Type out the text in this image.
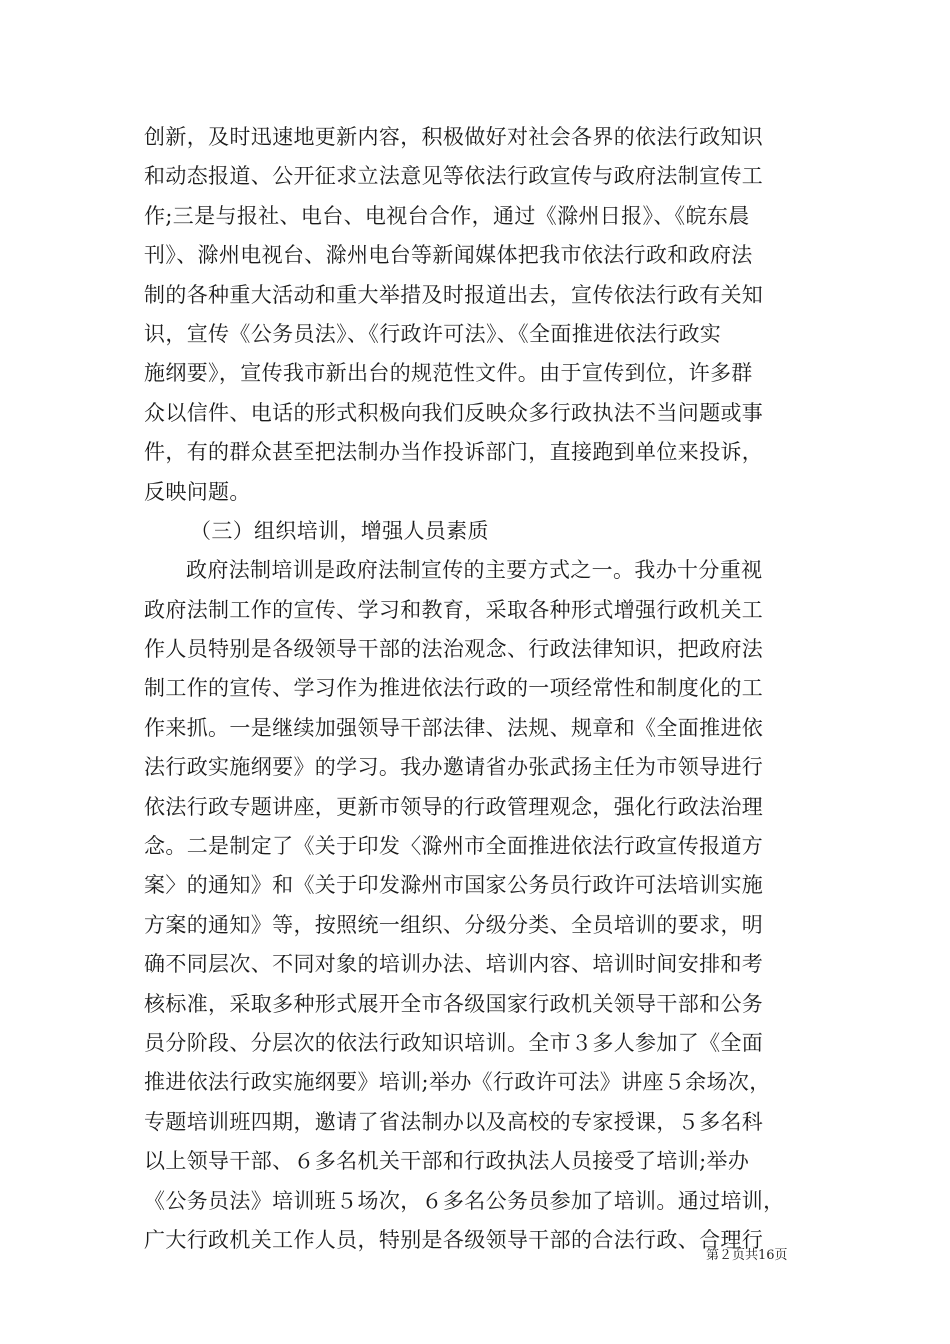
创新，及时迅速地更新内容，积极做好对社会各界的依法行政知识
和动态报道、公开征求立法意见等依法行政宣传与政府法制宣传工
作;三是与报社、电台、电视台合作，通过《滁州日报》、《皖东晨
刊》、滁州电视台、滁州电台等新闻媒体把我市依法行政和政府法
制的各种重大活动和重大举措及时报道出去，宣传依法行政有关知
识，宣传《公务员法》、《行政许可法》、《全面推进依法行政实
施纲要》，宣传我市新出台的规范性文件。由于宣传到位，许多群
众以信件、电话的形式积极向我们反映众多行政执法不当问题或事
件，有的群众甚至把法制办当作投诉部门，直接跑到单位来投诉，
反映问题。
（三）组织培训，增强人员素质
政府法制培训是政府法制宣传的主要方式之一。我办十分重视
政府法制工作的宣传、学习和教育，采取各种形式增强行政机关工
作人员特别是各级领导干部的法治观念、行政法律知识，把政府法
制工作的宣传、学习作为推进依法行政的一项经常性和制度化的工
作来抓。一是继续加强领导干部法律、法规、规章和《全面推进依
法行政实施纲要》的学习。我办邀请省办张武扬主任为市领导进行
依法行政专题讲座，更新市领导的行政管理观念，强化行政法治理
念。二是制定了《关于印发〈滁州市全面推进依法行政宣传报道方
案〉的通知》和《关于印发滁州市国家公务员行政许可法培训实施
方案的通知》等，按照统一组织、分级分类、全员培训的要求，明
确不同层次、不同对象的培训办法、培训内容、培训时间安排和考
核标准，采取多种形式展开全市各级国家行政机关领导干部和公务
员分阶段、分层次的依法行政知识培训。全市３多人参加了《全面
推进依法行政实施纲要》培训;举办《行政许可法》讲座５余场次，
专题培训班四期，邀请了省法制办以及高校的专家授课，５多名科
以上领导干部、６多名机关干部和行政执法人员接受了培训;举办
《公务员法》培训班５场次，６多名公务员参加了培训。通过培训，
广大行政机关工作人员，特别是各级领导干部的合法行政、合理行
第２页共16页
